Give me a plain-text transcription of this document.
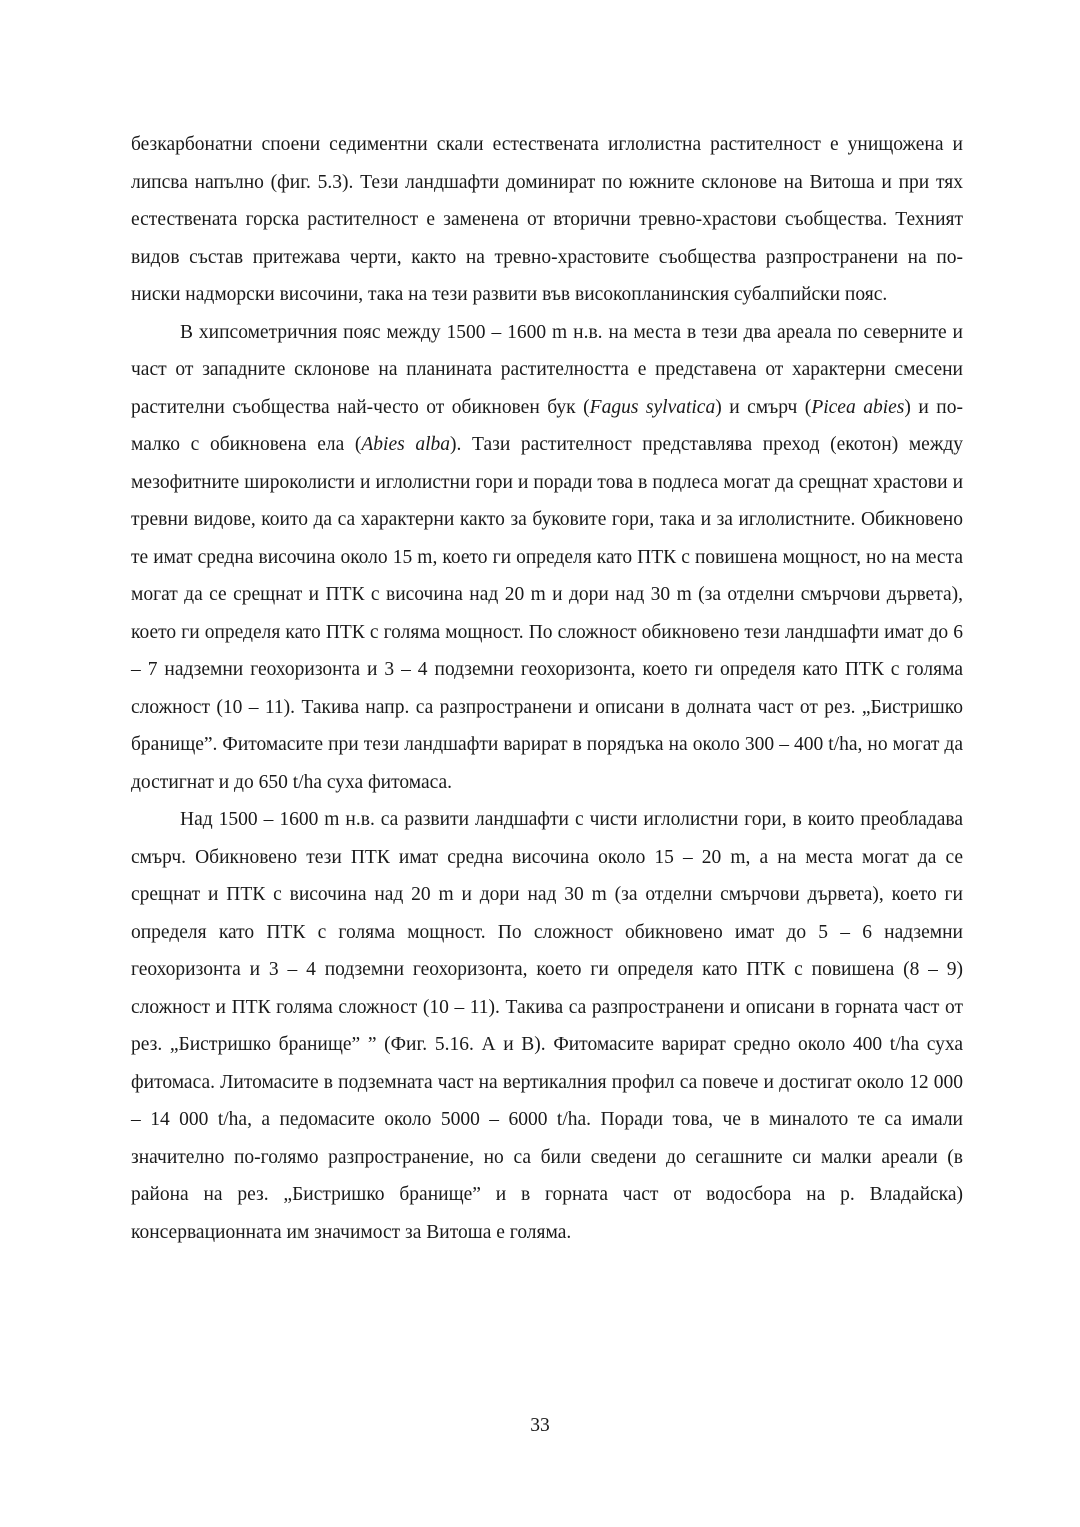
безкарбонатни споени седиментни скали естествената иглолистна растителност е унищожена и липсва напълно (фиг. 5.3). Тези ландшафти доминират по южните склонове на Витоша и при тях естествената горска растителност е заменена от вторични тревно-храстови съобщества. Техният видов състав притежава черти, както на тревно-храстовите съобщества разпространени на по-ниски надморски височини, така на тези развити във високопланинския субалпийски пояс.

В хипсометричния пояс между 1500 – 1600 m н.в. на места в тези два ареала по северните и част от западните склонове на планината растителността е представена от характерни смесени растителни съобщества най-често от обикновен бук (Fagus sylvatica) и смърч (Picea abies) и по-малко с обикновена ела (Abies alba). Тази растителност представлява преход (екотон) между мезофитните широколисти и иглолистни гори и поради това в подлеса могат да срещнат храстови и тревни видове, които да са характерни както за буковите гори, така и за иглолистните. Обикновено те имат средна височина около 15 m, което ги определя като ПТК с повишена мощност, но на места могат да се срещнат и ПТК с височина над 20 m и дори над 30 m (за отделни смърчови дървета), което ги определя като ПТК с голяма мощност. По сложност обикновено тези ландшафти имат до 6 – 7 надземни геохоризонта и 3 – 4 подземни геохоризонта, което ги определя като ПТК с голяма сложност (10 – 11). Такива напр. са разпространени и описани в долната част от рез. „Бистришко бранище”. Фитомасите при тези ландшафти варират в порядъка на около 300 – 400 t/ha, но могат да достигнат и до 650 t/ha суха фитомаса.

Над 1500 – 1600 m н.в. са развити ландшафти с чисти иглолистни гори, в които преобладава смърч. Обикновено тези ПТК имат средна височина около 15 – 20 m, а на места могат да се срещнат и ПТК с височина над 20 m и дори над 30 m (за отделни смърчови дървета), което ги определя като ПТК с голяма мощност. По сложност обикновено имат до 5 – 6 надземни геохоризонта и 3 – 4 подземни геохоризонта, което ги определя като ПТК с повишена (8 – 9) сложност и ПТК голяма сложност (10 – 11). Такива са разпространени и описани в горната част от рез. „Бистришко бранище” ” (Фиг. 5.16. А и В). Фитомасите варират средно около 400 t/ha суха фитомаса. Литомасите в подземната част на вертикалния профил са повече и достигат около 12 000 – 14 000 t/ha, а педомасите около 5000 – 6000 t/ha. Поради това, че в миналото те са имали значително по-голямо разпространение, но са били сведени до сегашните си малки ареали (в района на рез. „Бистришко бранище” и в горната част от водосбора на р. Владайска) консервационната им значимост за Витоша е голяма.

33
